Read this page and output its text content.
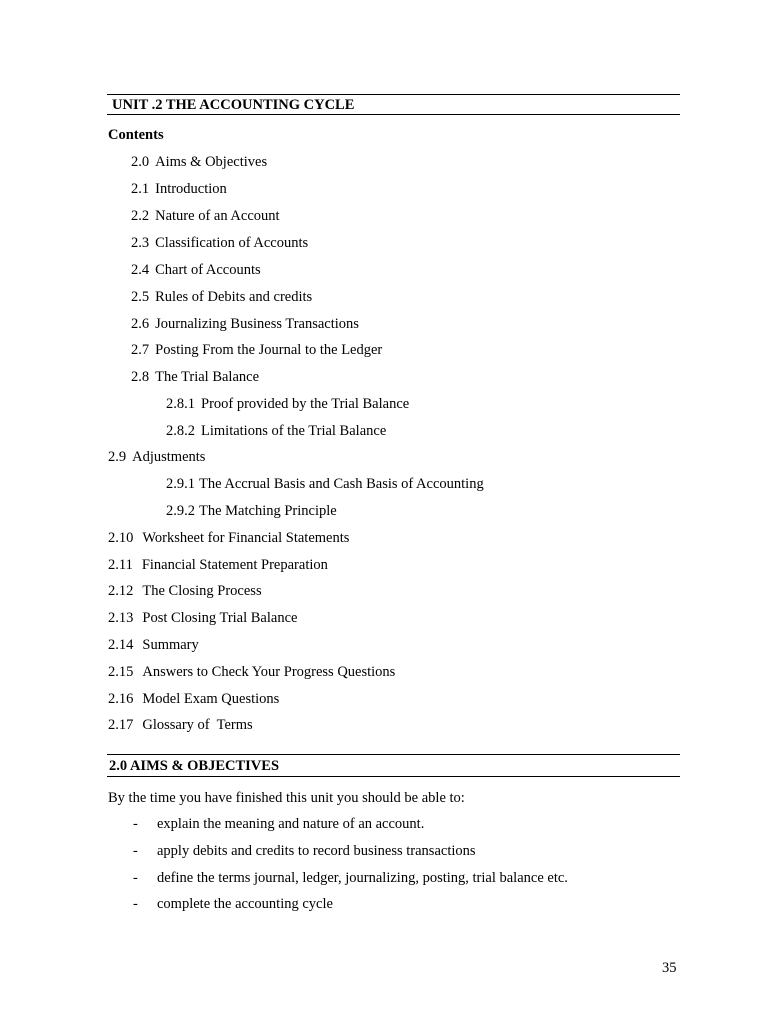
UNIT .2 THE ACCOUNTING CYCLE
Contents
2.0 Aims & Objectives
2.1 Introduction
2.2 Nature of an Account
2.3 Classification of Accounts
2.4 Chart of Accounts
2.5 Rules of Debits and credits
2.6 Journalizing Business Transactions
2.7 Posting From the Journal to the Ledger
2.8 The Trial Balance
2.8.1 Proof provided by the Trial Balance
2.8.2 Limitations of the Trial Balance
2.9 Adjustments
2.9.1 The Accrual Basis and Cash Basis of Accounting
2.9.2 The Matching Principle
2.10 Worksheet for Financial Statements
2.11 Financial Statement Preparation
2.12 The Closing Process
2.13 Post Closing Trial Balance
2.14 Summary
2.15 Answers to Check Your Progress Questions
2.16 Model Exam Questions
2.17 Glossary of  Terms
2.0 AIMS & OBJECTIVES
By the time you have finished this unit you should be able to:
- explain the meaning and nature of an account.
- apply debits and credits to record business transactions
- define the terms journal, ledger, journalizing, posting, trial balance etc.
- complete the accounting cycle
35
